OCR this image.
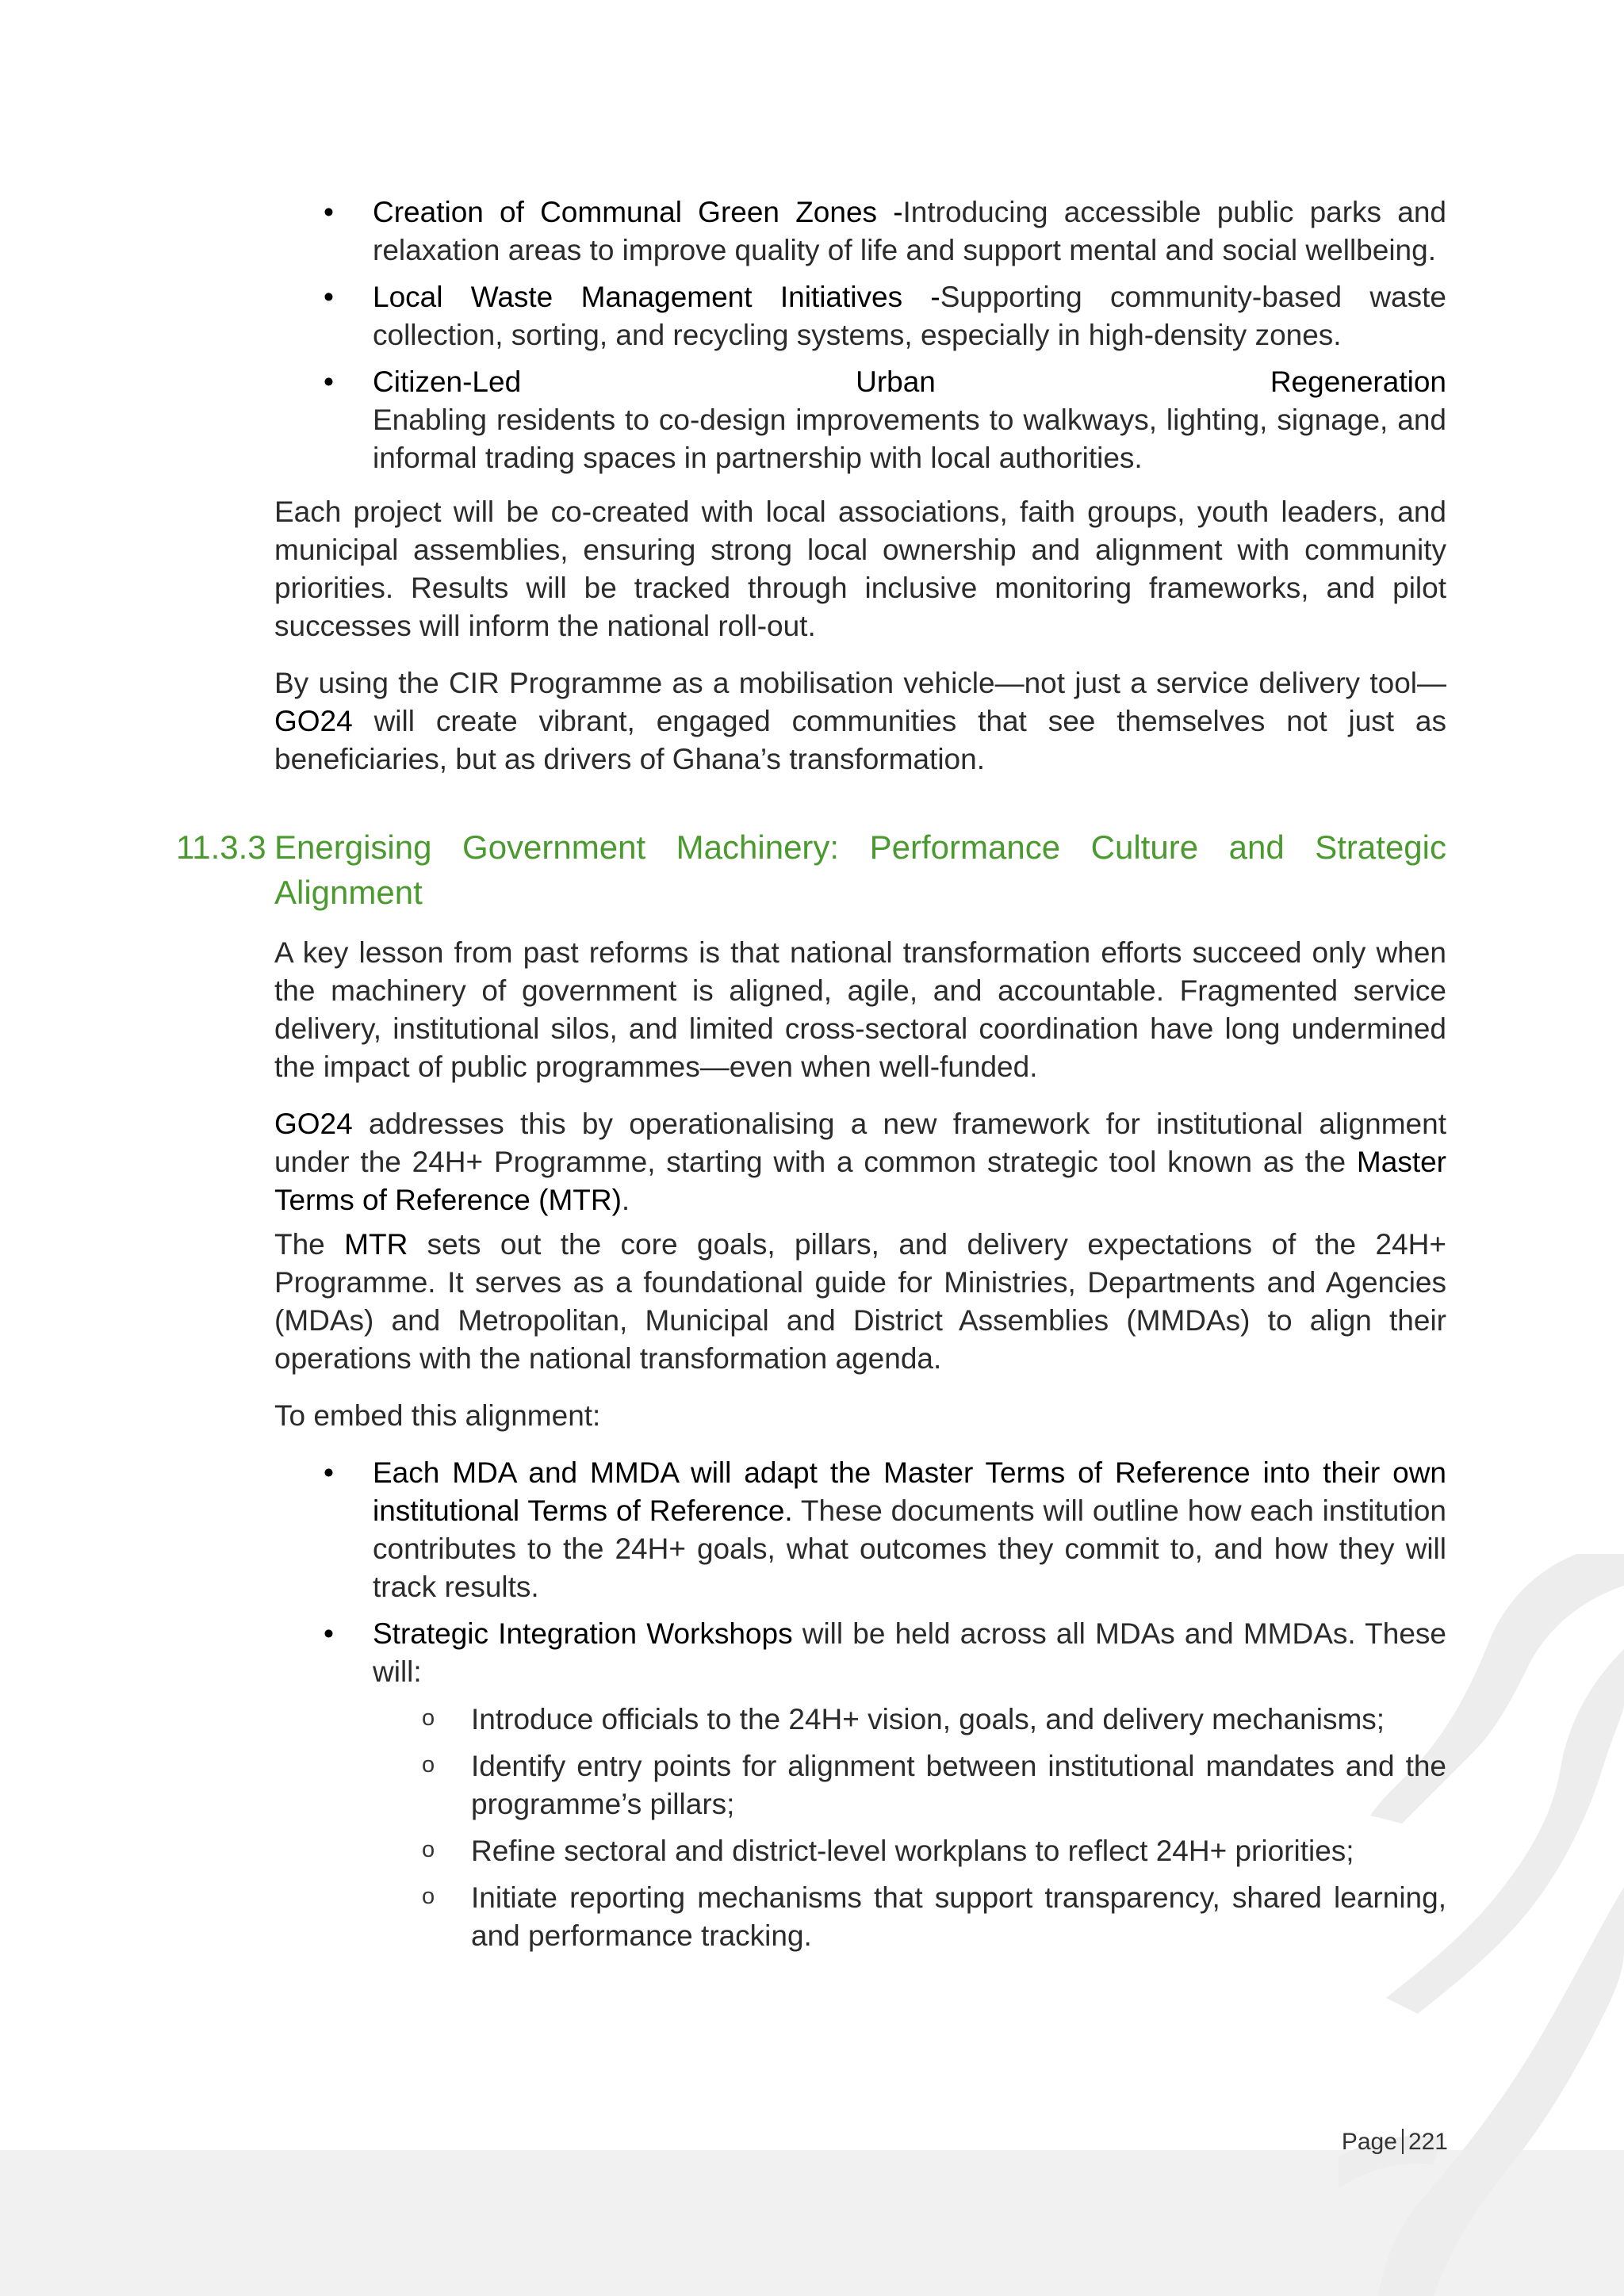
• Creation of Communal Green Zones -Introducing accessible public parks and relaxation areas to improve quality of life and support mental and social wellbeing.
• Local Waste Management Initiatives -Supporting community-based waste collection, sorting, and recycling systems, especially in high-density zones.
• Citizen-Led	Urban	Regeneration
Enabling residents to co-design improvements to walkways, lighting, signage, and informal trading spaces in partnership with local authorities.

Each project will be co-created with local associations, faith groups, youth leaders, and municipal assemblies, ensuring strong local ownership and alignment with community priorities. Results will be tracked through inclusive monitoring frameworks, and pilot successes will inform the national roll-out.

By using the CIR Programme as a mobilisation vehicle—not just a service delivery tool—GO24 will create vibrant, engaged communities that see themselves not just as beneficiaries, but as drivers of Ghana’s transformation.

11.3.3 Energising Government Machinery: Performance Culture and Strategic Alignment

A key lesson from past reforms is that national transformation efforts succeed only when the machinery of government is aligned, agile, and accountable. Fragmented service delivery, institutional silos, and limited cross-sectoral coordination have long undermined the impact of public programmes—even when well-funded.

GO24 addresses this by operationalising a new framework for institutional alignment under the 24H+ Programme, starting with a common strategic tool known as the Master Terms of Reference (MTR).

The MTR sets out the core goals, pillars, and delivery expectations of the 24H+ Programme. It serves as a foundational guide for Ministries, Departments and Agencies (MDAs) and Metropolitan, Municipal and District Assemblies (MMDAs) to align their operations with the national transformation agenda.

To embed this alignment:

• Each MDA and MMDA will adapt the Master Terms of Reference into their own institutional Terms of Reference. These documents will outline how each institution contributes to the 24H+ goals, what outcomes they commit to, and how they will track results.
• Strategic Integration Workshops will be held across all MDAs and MMDAs. These will:
o Introduce officials to the 24H+ vision, goals, and delivery mechanisms;
o Identify entry points for alignment between institutional mandates and the programme’s pillars;
o Refine sectoral and district-level workplans to reflect 24H+ priorities;
o Initiate reporting mechanisms that support transparency, shared learning, and performance tracking.
Page 221
